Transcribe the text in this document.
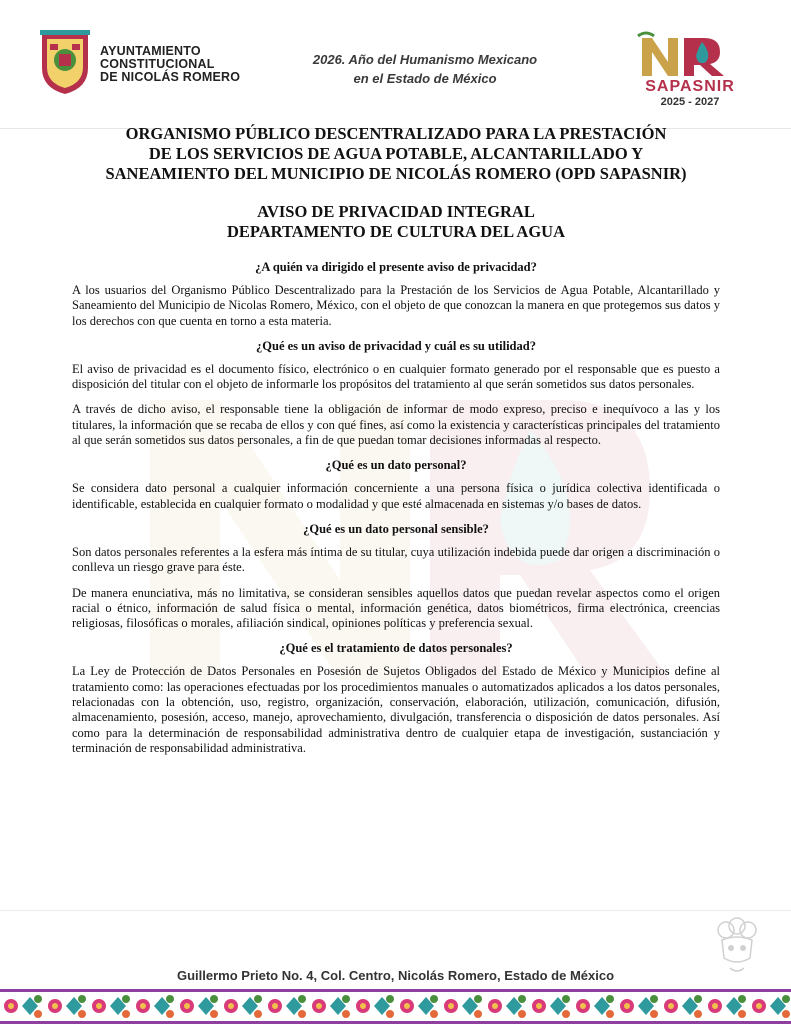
AYUNTAMIENTO
CONSTITUCIONAL
DE NICOLÁS ROMERO
2026. Año del Humanismo Mexicano
en el Estado de México	SAPASNIR
2025 - 2027
ORGANISMO PÚBLICO DESCENTRALIZADO PARA LA PRESTACIÓN
DE LOS SERVICIOS DE AGUA POTABLE, ALCANTARILLADO Y
SANEAMIENTO DEL MUNICIPIO DE NICOLÁS ROMERO (OPD SAPASNIR)
AVISO DE PRIVACIDAD INTEGRAL
DEPARTAMENTO DE CULTURA DEL AGUA
¿A quién va dirigido el presente aviso de privacidad?

A los usuarios del Organismo Público Descentralizado para la Prestación de los Servicios de Agua Potable, Alcantarillado y Saneamiento del Municipio de Nicolas Romero, México, con el objeto de que conozcan la manera en que protegemos sus datos y los derechos con que cuenta en torno a esta materia.

¿Qué es un aviso de privacidad y cuál es su utilidad?

El aviso de privacidad es el documento físico, electrónico o en cualquier formato generado por el responsable que es puesto a disposición del titular con el objeto de informarle los propósitos del tratamiento al que serán sometidos sus datos personales.

A través de dicho aviso, el responsable tiene la obligación de informar de modo expreso, preciso e inequívoco a las y los titulares, la información que se recaba de ellos y con qué fines, así como la existencia y características principales del tratamiento al que serán sometidos sus datos personales, a fin de que puedan tomar decisiones informadas al respecto.

¿Qué es un dato personal?

Se considera dato personal a cualquier información concerniente a una persona física o jurídica colectiva identificada o identificable, establecida en cualquier formato o modalidad y que esté almacenada en sistemas y/o bases de datos.

¿Qué es un dato personal sensible?

Son datos personales referentes a la esfera más íntima de su titular, cuya utilización indebida puede dar origen a discriminación o conlleva un riesgo grave para éste.

De manera enunciativa, más no limitativa, se consideran sensibles aquellos datos que puedan revelar aspectos como el origen racial o étnico, información de salud física o mental, información genética, datos biométricos, firma electrónica, creencias religiosas, filosóficas o morales, afiliación sindical, opiniones políticas y preferencia sexual.

¿Qué es el tratamiento de datos personales?

La Ley de Protección de Datos Personales en Posesión de Sujetos Obligados del Estado de México y Municipios define al tratamiento como: las operaciones efectuadas por los procedimientos manuales o automatizados aplicados a los datos personales, relacionadas con la obtención, uso, registro, organización, conservación, elaboración, utilización, comunicación, difusión, almacenamiento, posesión, acceso, manejo, aprovechamiento, divulgación, transferencia o disposición de datos personales. Así como para la determinación de responsabilidad administrativa dentro de cualquier etapa de investigación, sustanciación y terminación de responsabilidad administrativa.

Guillermo Prieto No. 4, Col. Centro, Nicolás Romero, Estado de México
